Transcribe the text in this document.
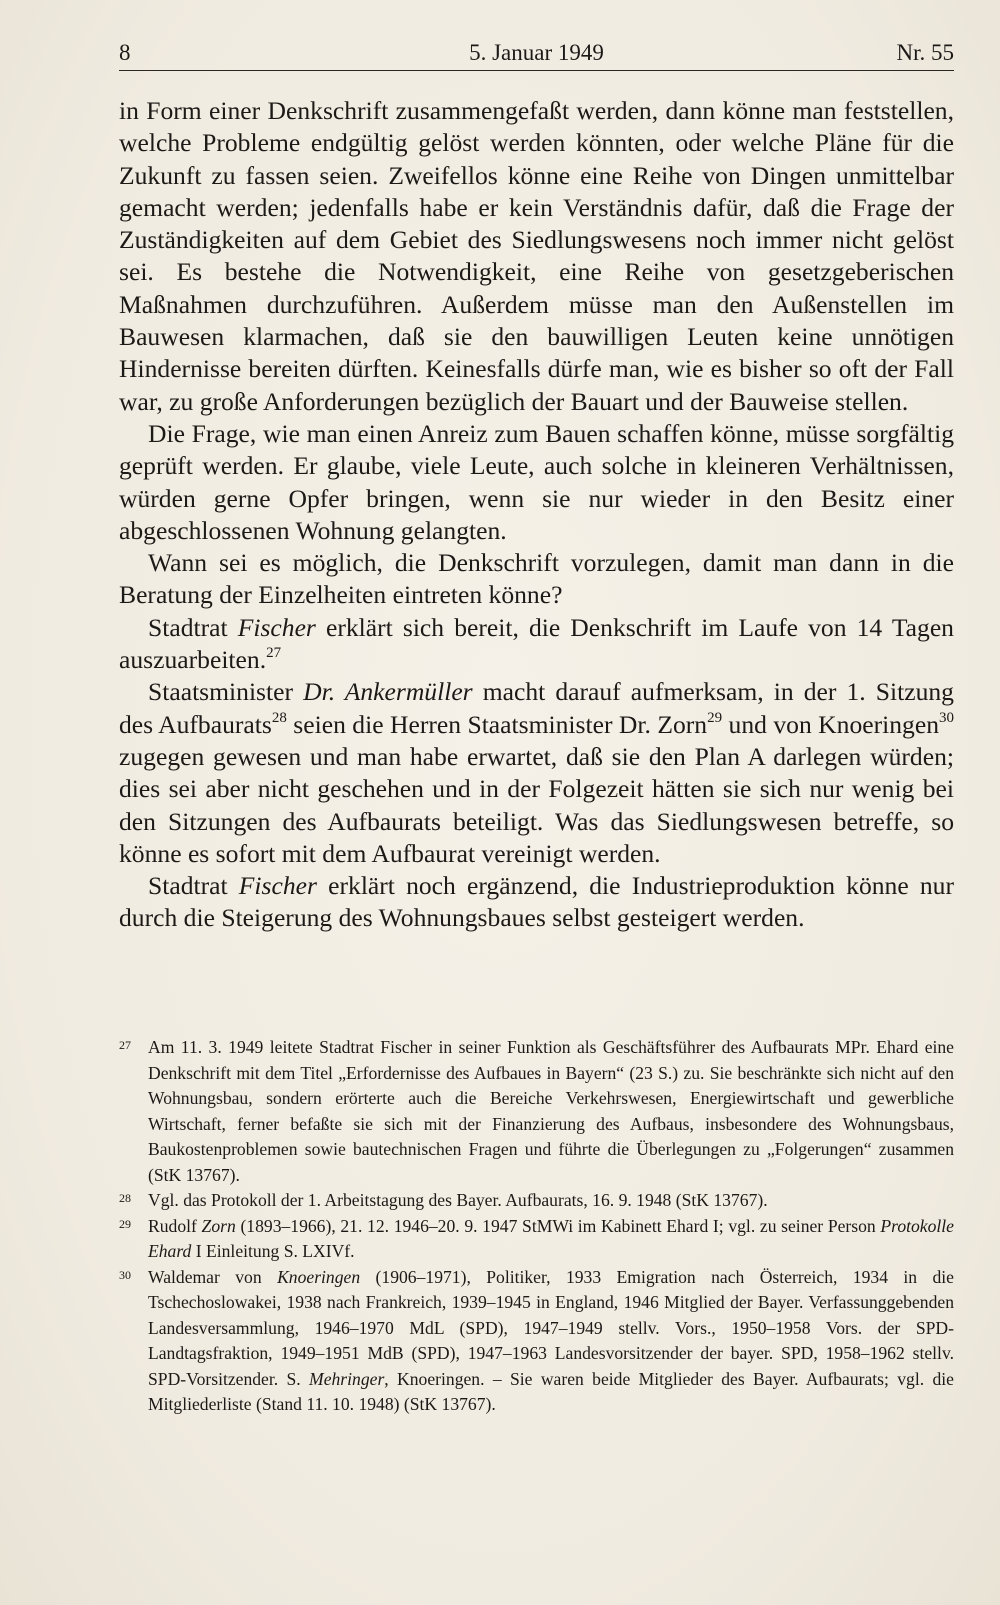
8	5. Januar 1949	Nr. 55

in Form einer Denkschrift zusammengefaßt werden, dann könne man feststellen, welche Probleme endgültig gelöst werden könnten, oder welche Pläne für die Zukunft zu fassen seien. Zweifellos könne eine Reihe von Dingen unmittelbar gemacht werden; jedenfalls habe er kein Verständnis dafür, daß die Frage der Zuständigkeiten auf dem Gebiet des Siedlungswesens noch immer nicht gelöst sei. Es bestehe die Notwendigkeit, eine Reihe von gesetzgeberischen Maßnahmen durchzuführen. Außerdem müsse man den Außenstellen im Bauwesen klarmachen, daß sie den bauwilligen Leuten keine unnötigen Hindernisse bereiten dürften. Keinesfalls dürfe man, wie es bisher so oft der Fall war, zu große Anforderungen bezüglich der Bauart und der Bauweise stellen.

Die Frage, wie man einen Anreiz zum Bauen schaffen könne, müsse sorgfältig geprüft werden. Er glaube, viele Leute, auch solche in kleineren Verhältnissen, würden gerne Opfer bringen, wenn sie nur wieder in den Besitz einer abgeschlossenen Wohnung gelangten.

Wann sei es möglich, die Denkschrift vorzulegen, damit man dann in die Beratung der Einzelheiten eintreten könne?

Stadtrat Fischer erklärt sich bereit, die Denkschrift im Laufe von 14 Tagen auszuarbeiten.$^{27}$

Staatsminister Dr. Ankermüller macht darauf aufmerksam, in der 1. Sitzung des Aufbaurats$^{28}$ seien die Herren Staatsminister Dr. Zorn$^{29}$ und von Knoeringen$^{30}$ zugegen gewesen und man habe erwartet, daß sie den Plan A darlegen würden; dies sei aber nicht geschehen und in der Folgezeit hätten sie sich nur wenig bei den Sitzungen des Aufbaurats beteiligt. Was das Siedlungswesen betreffe, so könne es sofort mit dem Aufbaurat vereinigt werden.

Stadtrat Fischer erklärt noch ergänzend, die Industrieproduktion könne nur durch die Steigerung des Wohnungsbaues selbst gesteigert werden.

27 Am 11. 3. 1949 leitete Stadtrat Fischer in seiner Funktion als Geschäftsführer des Aufbaurats MPr. Ehard eine Denkschrift mit dem Titel „Erfordernisse des Aufbaues in Bayern“ (23 S.) zu. Sie beschränkte sich nicht auf den Wohnungsbau, sondern erörterte auch die Bereiche Verkehrswesen, Energiewirtschaft und gewerbliche Wirtschaft, ferner befaßte sie sich mit der Finanzierung des Aufbaus, insbesondere des Wohnungsbaus, Baukostenproblemen sowie bautechnischen Fragen und führte die Überlegungen zu „Folgerungen“ zusammen (StK 13767).

28 Vgl. das Protokoll der 1. Arbeitstagung des Bayer. Aufbaurats, 16. 9. 1948 (StK 13767).

29 Rudolf Zorn (1893–1966), 21. 12. 1946–20. 9. 1947 StMWi im Kabinett Ehard I; vgl. zu seiner Person Protokolle Ehard I Einleitung S. LXIVf.

30 Waldemar von Knoeringen (1906–1971), Politiker, 1933 Emigration nach Österreich, 1934 in die Tschechoslowakei, 1938 nach Frankreich, 1939–1945 in England, 1946 Mitglied der Bayer. Verfassunggebenden Landesversammlung, 1946–1970 MdL (SPD), 1947–1949 stellv. Vors., 1950–1958 Vors. der SPD-Landtagsfraktion, 1949–1951 MdB (SPD), 1947–1963 Landesvorsitzender der bayer. SPD, 1958–1962 stellv. SPD-Vorsitzender. S. Mehringer, Knoeringen. – Sie waren beide Mitglieder des Bayer. Aufbaurats; vgl. die Mitgliederliste (Stand 11. 10. 1948) (StK 13767).
